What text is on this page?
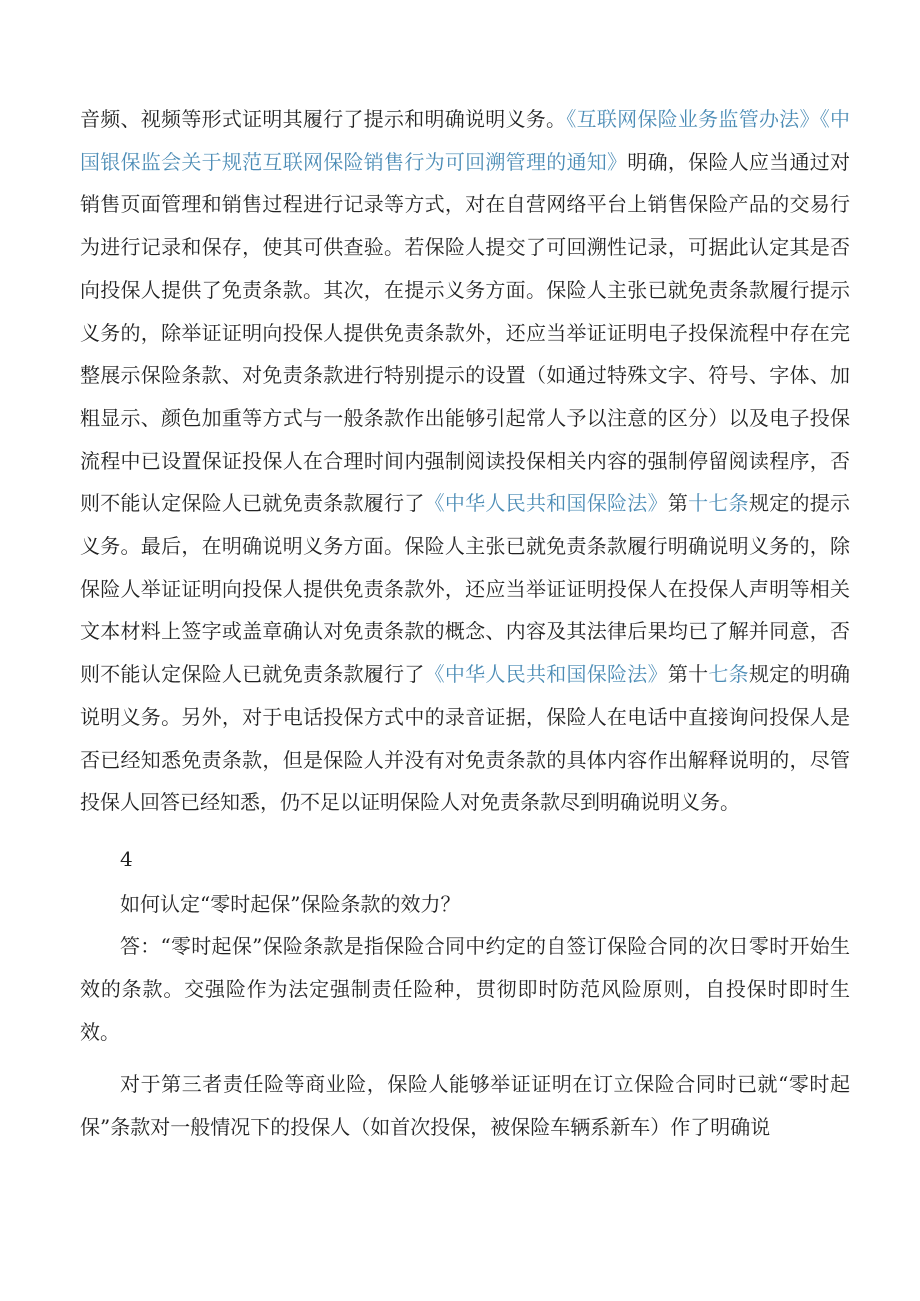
音频、视频等形式证明其履行了提示和明确说明义务。《互联网保险业务监管办法》《中国银保监会关于规范互联网保险销售行为可回溯管理的通知》明确，保险人应当通过对销售页面管理和销售过程进行记录等方式，对在自营网络平台上销售保险产品的交易行为进行记录和保存，使其可供查验。若保险人提交了可回溯性记录，可据此认定其是否向投保人提供了免责条款。其次，在提示义务方面。保险人主张已就免责条款履行提示义务的，除举证证明向投保人提供免责条款外，还应当举证证明电子投保流程中存在完整展示保险条款、对免责条款进行特别提示的设置（如通过特殊文字、符号、字体、加粗显示、颜色加重等方式与一般条款作出能够引起常人予以注意的区分）以及电子投保流程中已设置保证投保人在合理时间内强制阅读投保相关内容的强制停留阅读程序，否则不能认定保险人已就免责条款履行了《中华人民共和国保险法》第十七条规定的提示义务。最后，在明确说明义务方面。保险人主张已就免责条款履行明确说明义务的，除保险人举证证明向投保人提供免责条款外，还应当举证证明投保人在投保人声明等相关文本材料上签字或盖章确认对免责条款的概念、内容及其法律后果均已了解并同意，否则不能认定保险人已就免责条款履行了《中华人民共和国保险法》第十七条规定的明确说明义务。另外，对于电话投保方式中的录音证据，保险人在电话中直接询问投保人是否已经知悉免责条款，但是保险人并没有对免责条款的具体内容作出解释说明的，尽管投保人回答已经知悉，仍不足以证明保险人对免责条款尽到明确说明义务。

4

如何认定“零时起保”保险条款的效力？

答：“零时起保”保险条款是指保险合同中约定的自签订保险合同的次日零时开始生效的条款。交强险作为法定强制责任险种，贯彻即时防范风险原则，自投保时即时生效。

对于第三者责任险等商业险，保险人能够举证证明在订立保险合同时已就“零时起保”条款对一般情况下的投保人（如首次投保，被保险车辆系新车）作了明确说
